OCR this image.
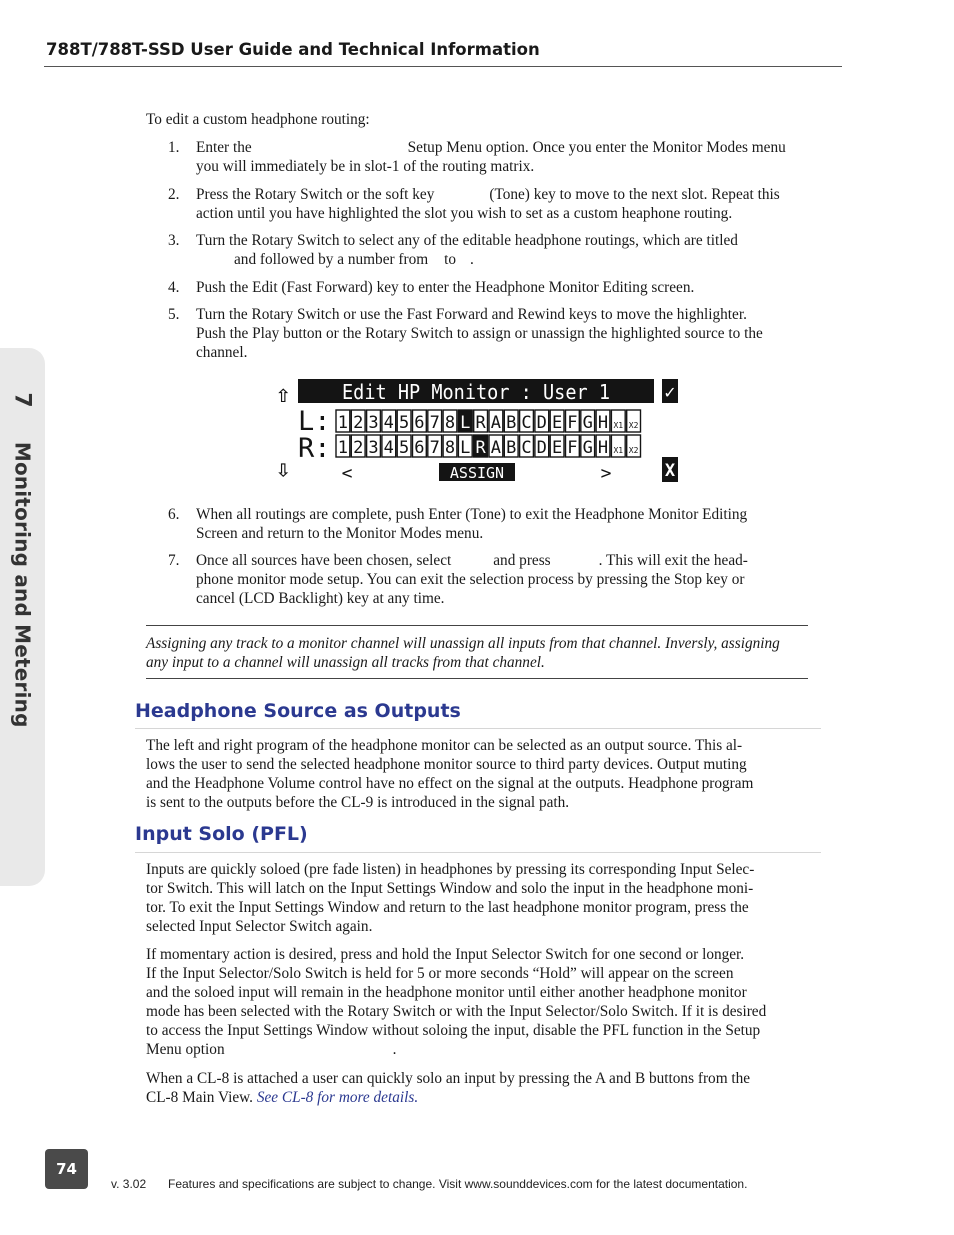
788T/788T-SSD User Guide and Technical Information
7Monitoring and Metering
To edit a custom headphone routing:
1. Enter the	Setup Menu option. Once you enter the Monitor Modes menu
you will immediately be in slot-1 of the routing matrix.
2. Press the Rotary Switch or the soft key	(Tone) key to move to the next slot. Repeat this
action until you have highlighted the slot you wish to set as a custom heaphone routing.
3. Turn the Rotary Switch to select any of the editable headphone routings, which are titled
and followed by a number from to .
4. Push the Edit (Fast Forward) key to enter the Headphone Monitor Editing screen.
5. Turn the Rotary Switch or use the Fast Forward and Rewind keys to move the highlighter.
Push the Play button or the Rotary Switch to assign or unassign the highlighted source to the
channel.
⇧	Edit HP Monitor : User 1	✓
L:
R:
1 2 3 4 5 6 7 8 L R A B C D E F G H X1 X2
1 2 3 4 5 6 7 8 L R A B C D E F G H X1 X2
⇩	<	ASSIGN	>	X
6. When all routings are complete, push Enter (Tone) to exit the Headphone Monitor Editing
Screen and return to the Monitor Modes menu.
7. Once all sources have been chosen, select	and press	. This will exit the head-
phone monitor mode setup. You can exit the selection process by pressing the Stop key or
cancel (LCD Backlight) key at any time.
Assigning any track to a monitor channel will unassign all inputs from that channel. Inversly, assigning
any input to a channel will unassign all tracks from that channel.
Headphone Source as Outputs
The left and right program of the headphone monitor can be selected as an output source. This al-
lows the user to send the selected headphone monitor source to third party devices. Output muting
and the Headphone Volume control have no effect on the signal at the outputs. Headphone program
is sent to the outputs before the CL-9 is introduced in the signal path.
Input Solo (PFL)
Inputs are quickly soloed (pre fade listen) in headphones by pressing its corresponding Input Selec-
tor Switch. This will latch on the Input Settings Window and solo the input in the headphone moni-
tor. To exit the Input Settings Window and return to the last headphone monitor program, press the
selected Input Selector Switch again.
If momentary action is desired, press and hold the Input Selector Switch for one second or longer.
If the Input Selector/Solo Switch is held for 5 or more seconds “Hold” will appear on the screen
and the soloed input will remain in the headphone monitor until either another headphone monitor
mode has been selected with the Rotary Switch or with the Input Selector/Solo Switch. If it is desired
to access the Input Settings Window without soloing the input, disable the PFL function in the Setup
Menu option	.
When a CL-8 is attached a user can quickly solo an input by pressing the A and B buttons from the
CL-8 Main View. See CL-8 for more details.
74
v. 3.02 Features and specifications are subject to change. Visit www.sounddevices.com for the latest documentation.
